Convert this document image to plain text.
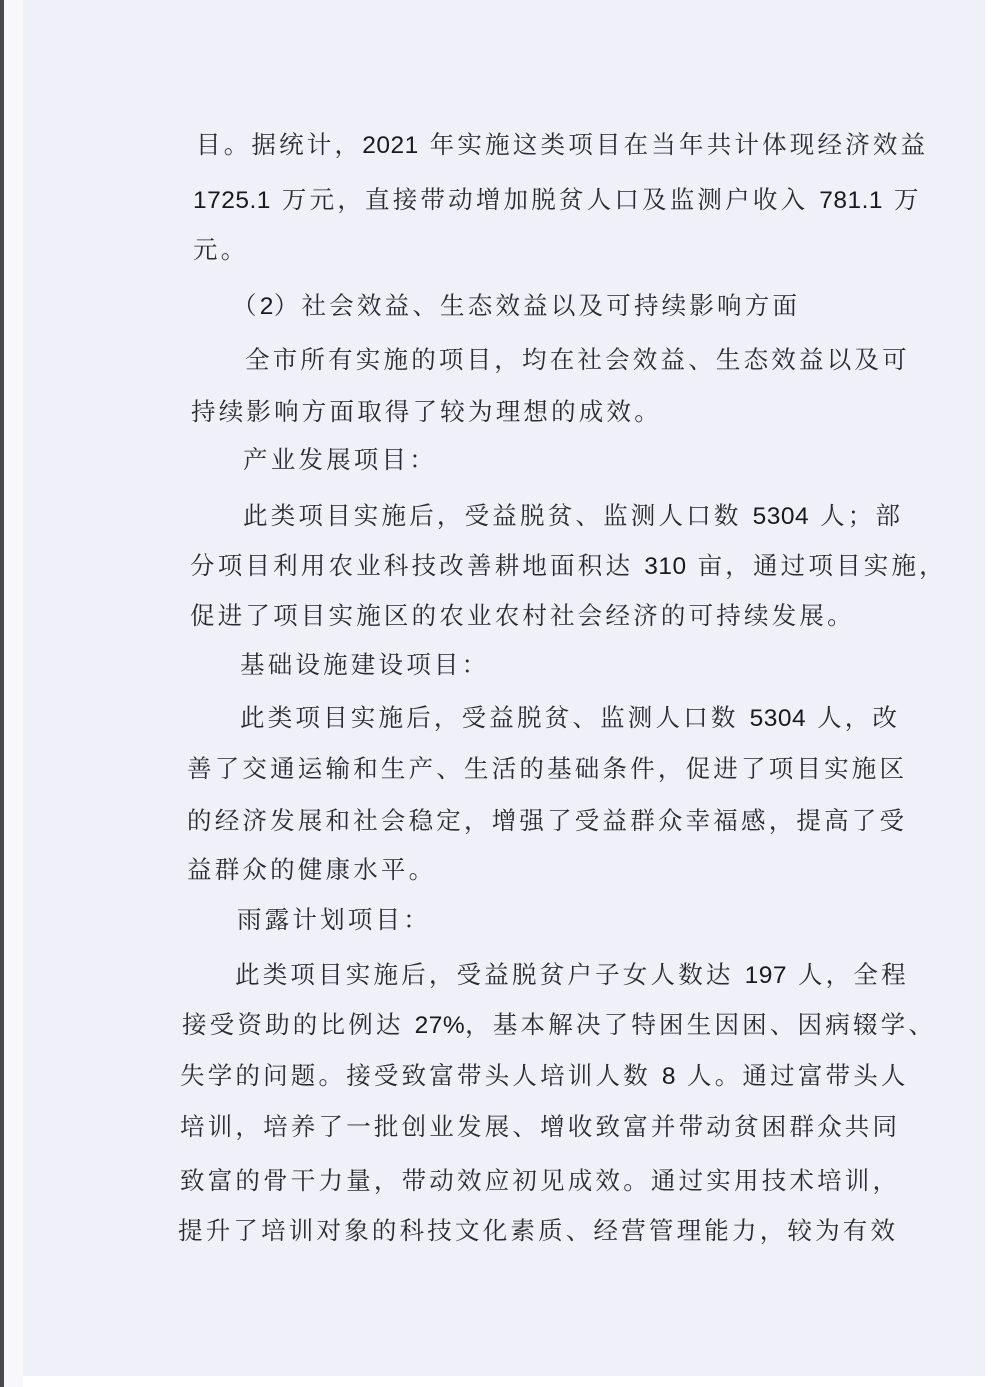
目。据统计，2021 年实施这类项目在当年共计体现经济效益
1725.1 万元，直接带动增加脱贫人口及监测户收入 781.1 万
元。
（2）社会效益、生态效益以及可持续影响方面
全市所有实施的项目，均在社会效益、生态效益以及可
持续影响方面取得了较为理想的成效。
产业发展项目：
此类项目实施后，受益脱贫、监测人口数 5304 人；部
分项目利用农业科技改善耕地面积达 310 亩，通过项目实施，
促进了项目实施区的农业农村社会经济的可持续发展。
基础设施建设项目：
此类项目实施后，受益脱贫、监测人口数 5304 人，改
善了交通运输和生产、生活的基础条件，促进了项目实施区
的经济发展和社会稳定，增强了受益群众幸福感，提高了受
益群众的健康水平。
雨露计划项目：
此类项目实施后，受益脱贫户子女人数达 197 人，全程
接受资助的比例达 27%，基本解决了特困生因困、因病辍学、
失学的问题。接受致富带头人培训人数 8 人。通过富带头人
培训，培养了一批创业发展、增收致富并带动贫困群众共同
致富的骨干力量，带动效应初见成效。通过实用技术培训，
提升了培训对象的科技文化素质、经营管理能力，较为有效
